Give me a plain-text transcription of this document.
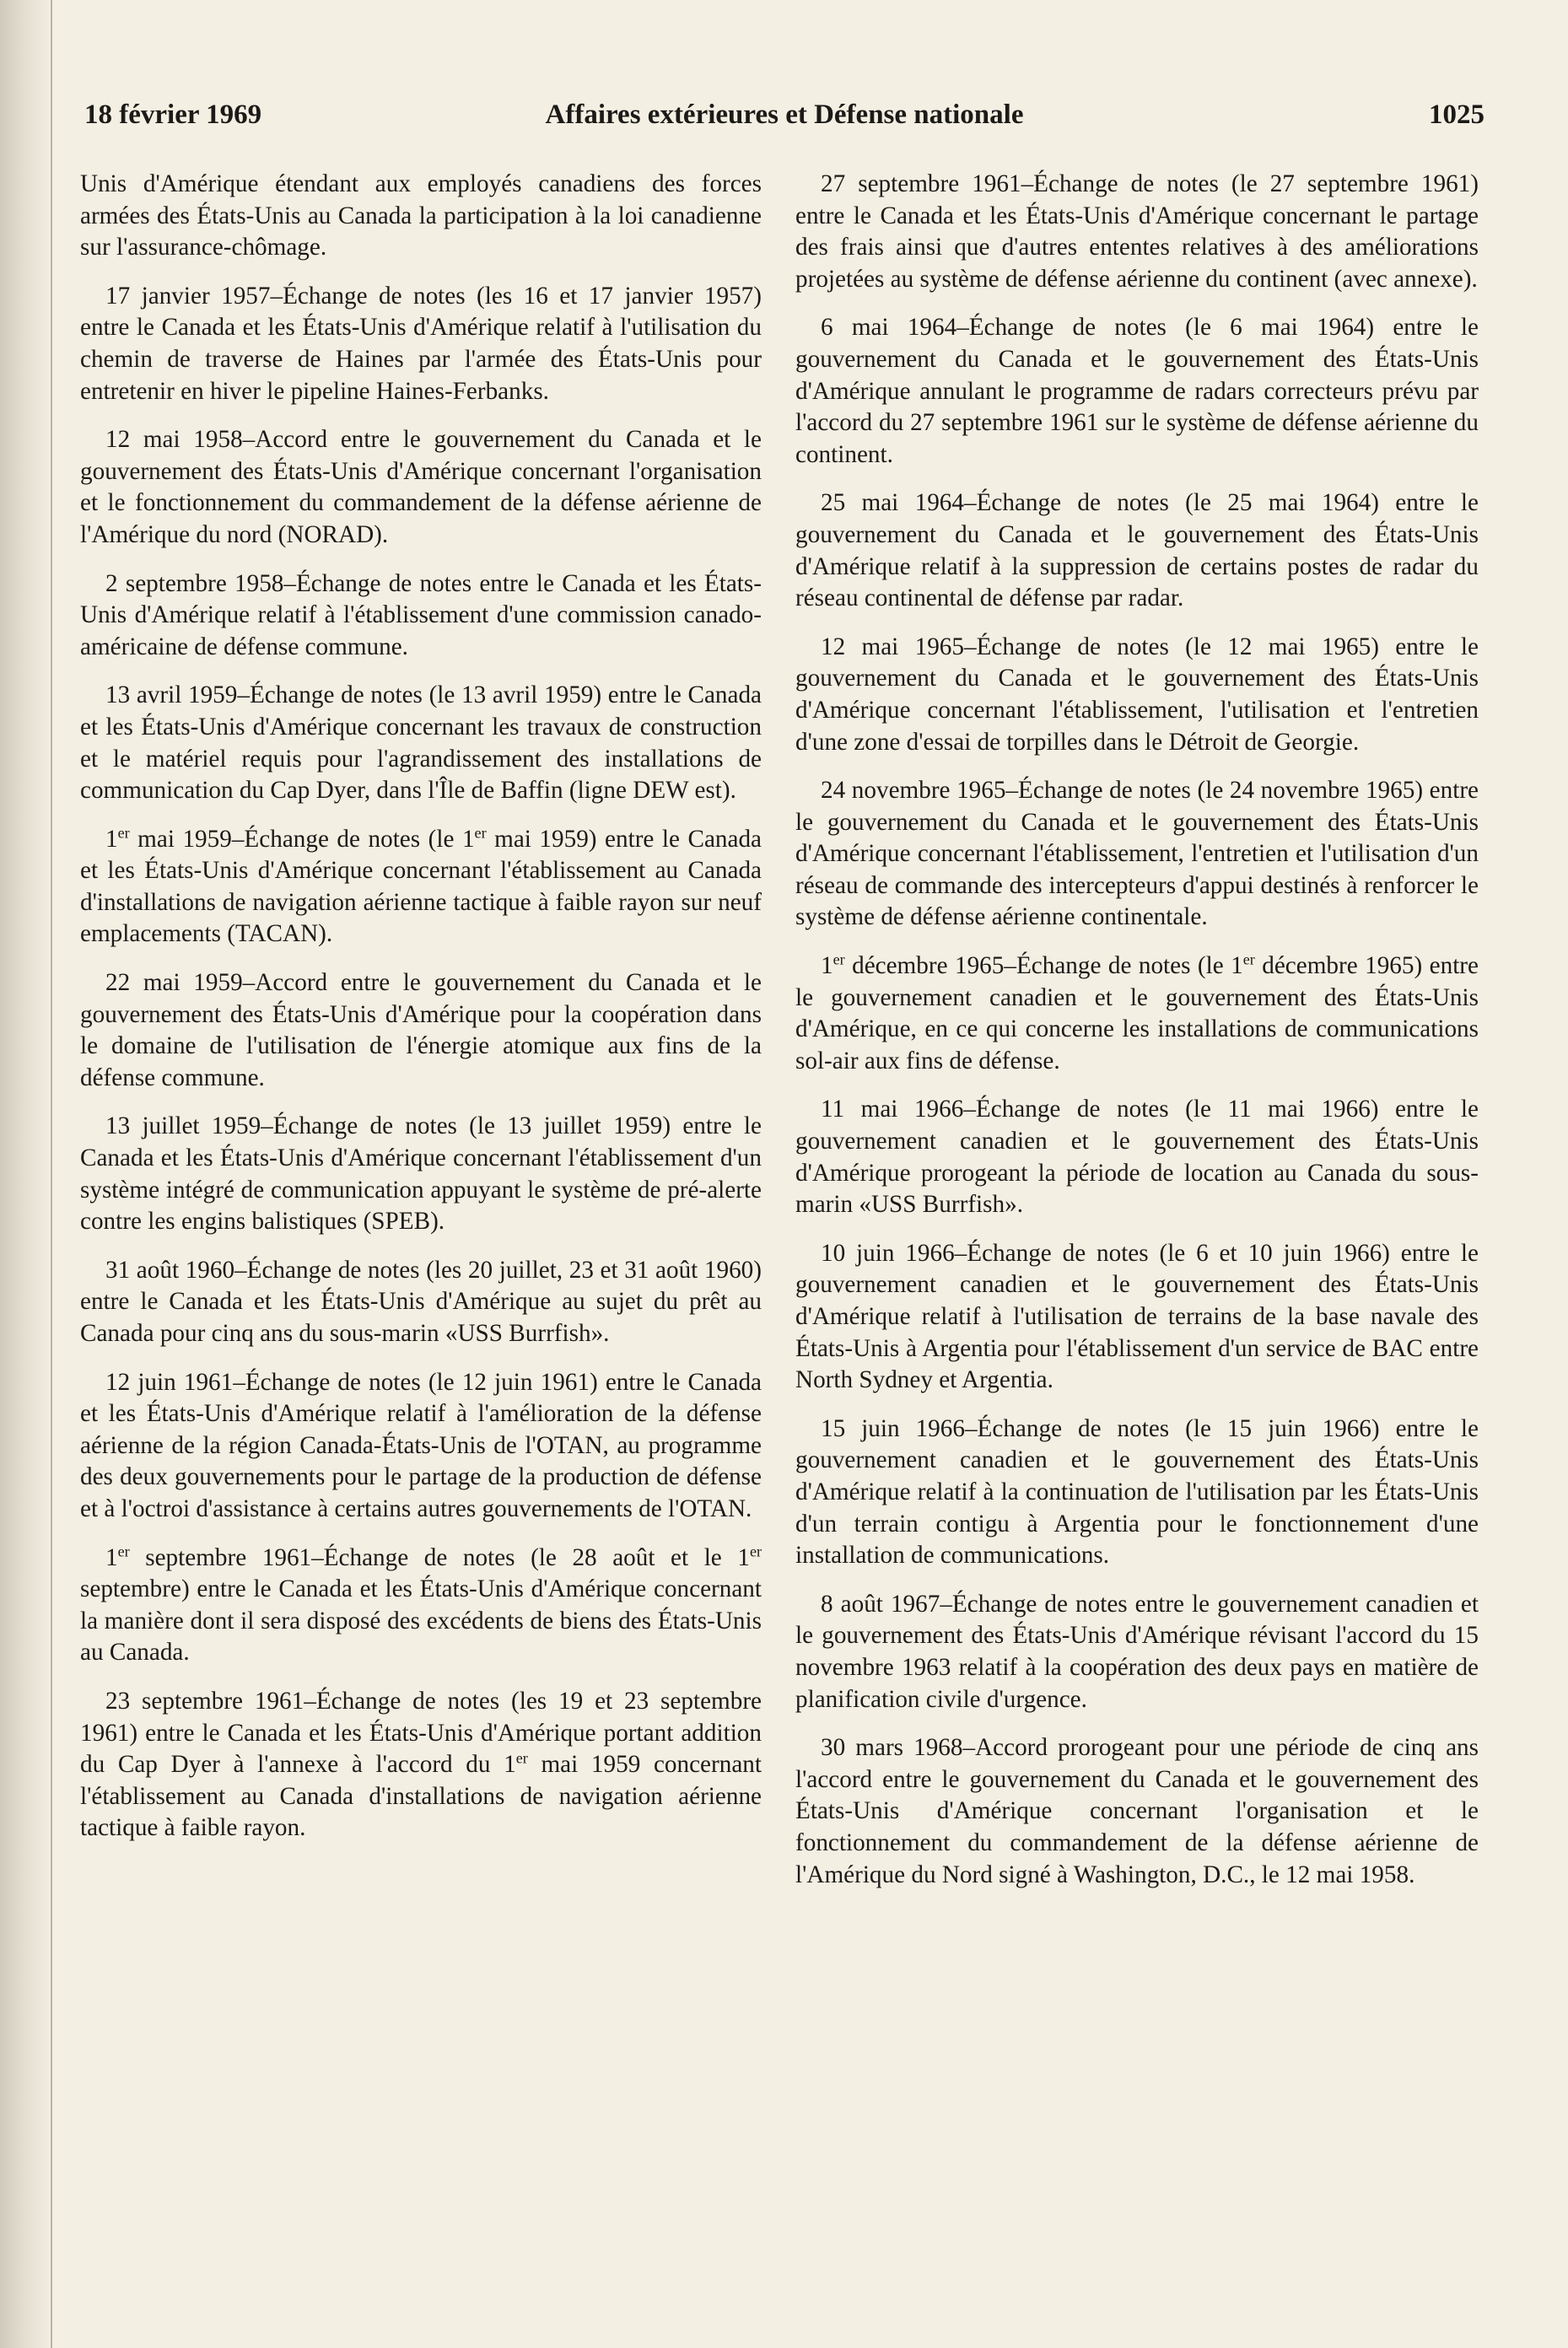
18 février 1969	Affaires extérieures et Défense nationale	1025

Unis d'Amérique étendant aux employés canadiens des forces armées des États-Unis au Canada la participation à la loi canadienne sur l'assurance-chômage.

17 janvier 1957–Échange de notes (les 16 et 17 janvier 1957) entre le Canada et les États-Unis d'Amérique relatif à l'utilisation du chemin de traverse de Haines par l'armée des États-Unis pour entretenir en hiver le pipeline Haines-Ferbanks.

12 mai 1958–Accord entre le gouvernement du Canada et le gouvernement des États-Unis d'Amérique concernant l'organisation et le fonctionnement du commandement de la défense aérienne de l'Amérique du nord (NORAD).

2 septembre 1958–Échange de notes entre le Canada et les États-Unis d'Amérique relatif à l'établissement d'une commission canado-américaine de défense commune.

13 avril 1959–Échange de notes (le 13 avril 1959) entre le Canada et les États-Unis d'Amérique concernant les travaux de construction et le matériel requis pour l'agrandissement des installations de communication du Cap Dyer, dans l'Île de Baffin (ligne DEW est).

1er mai 1959–Échange de notes (le 1er mai 1959) entre le Canada et les États-Unis d'Amérique concernant l'établissement au Canada d'installations de navigation aérienne tactique à faible rayon sur neuf emplacements (TACAN).

22 mai 1959–Accord entre le gouvernement du Canada et le gouvernement des États-Unis d'Amérique pour la coopération dans le domaine de l'utilisation de l'énergie atomique aux fins de la défense commune.

13 juillet 1959–Échange de notes (le 13 juillet 1959) entre le Canada et les États-Unis d'Amérique concernant l'établissement d'un système intégré de communication appuyant le système de pré-alerte contre les engins balistiques (SPEB).

31 août 1960–Échange de notes (les 20 juillet, 23 et 31 août 1960) entre le Canada et les États-Unis d'Amérique au sujet du prêt au Canada pour cinq ans du sous-marin «USS Burrfish».

12 juin 1961–Échange de notes (le 12 juin 1961) entre le Canada et les États-Unis d'Amérique relatif à l'amélioration de la défense aérienne de la région Canada-États-Unis de l'OTAN, au programme des deux gouvernements pour le partage de la production de défense et à l'octroi d'assistance à certains autres gouvernements de l'OTAN.

1er septembre 1961–Échange de notes (le 28 août et le 1er septembre) entre le Canada et les États-Unis d'Amérique concernant la manière dont il sera disposé des excédents de biens des États-Unis au Canada.

23 septembre 1961–Échange de notes (les 19 et 23 septembre 1961) entre le Canada et les États-Unis d'Amérique portant addition du Cap Dyer à l'annexe à l'accord du 1er mai 1959 concernant l'établissement au Canada d'installations de navigation aérienne tactique à faible rayon.

27 septembre 1961–Échange de notes (le 27 septembre 1961) entre le Canada et les États-Unis d'Amérique concernant le partage des frais ainsi que d'autres ententes relatives à des améliorations projetées au système de défense aérienne du continent (avec annexe).

6 mai 1964–Échange de notes (le 6 mai 1964) entre le gouvernement du Canada et le gouvernement des États-Unis d'Amérique annulant le programme de radars correcteurs prévu par l'accord du 27 septembre 1961 sur le système de défense aérienne du continent.

25 mai 1964–Échange de notes (le 25 mai 1964) entre le gouvernement du Canada et le gouvernement des États-Unis d'Amérique relatif à la suppression de certains postes de radar du réseau continental de défense par radar.

12 mai 1965–Échange de notes (le 12 mai 1965) entre le gouvernement du Canada et le gouvernement des États-Unis d'Amérique concernant l'établissement, l'utilisation et l'entretien d'une zone d'essai de torpilles dans le Détroit de Georgie.

24 novembre 1965–Échange de notes (le 24 novembre 1965) entre le gouvernement du Canada et le gouvernement des États-Unis d'Amérique concernant l'établissement, l'entretien et l'utilisation d'un réseau de commande des intercepteurs d'appui destinés à renforcer le système de défense aérienne continentale.

1er décembre 1965–Échange de notes (le 1er décembre 1965) entre le gouvernement canadien et le gouvernement des États-Unis d'Amérique, en ce qui concerne les installations de communications sol-air aux fins de défense.

11 mai 1966–Échange de notes (le 11 mai 1966) entre le gouvernement canadien et le gouvernement des États-Unis d'Amérique prorogeant la période de location au Canada du sous-marin «USS Burrfish».

10 juin 1966–Échange de notes (le 6 et 10 juin 1966) entre le gouvernement canadien et le gouvernement des États-Unis d'Amérique relatif à l'utilisation de terrains de la base navale des États-Unis à Argentia pour l'établissement d'un service de BAC entre North Sydney et Argentia.

15 juin 1966–Échange de notes (le 15 juin 1966) entre le gouvernement canadien et le gouvernement des États-Unis d'Amérique relatif à la continuation de l'utilisation par les États-Unis d'un terrain contigu à Argentia pour le fonctionnement d'une installation de communications.

8 août 1967–Échange de notes entre le gouvernement canadien et le gouvernement des États-Unis d'Amérique révisant l'accord du 15 novembre 1963 relatif à la coopération des deux pays en matière de planification civile d'urgence.

30 mars 1968–Accord prorogeant pour une période de cinq ans l'accord entre le gouvernement du Canada et le gouvernement des États-Unis d'Amérique concernant l'organisation et le fonctionnement du commandement de la défense aérienne de l'Amérique du Nord signé à Washington, D.C., le 12 mai 1958.
